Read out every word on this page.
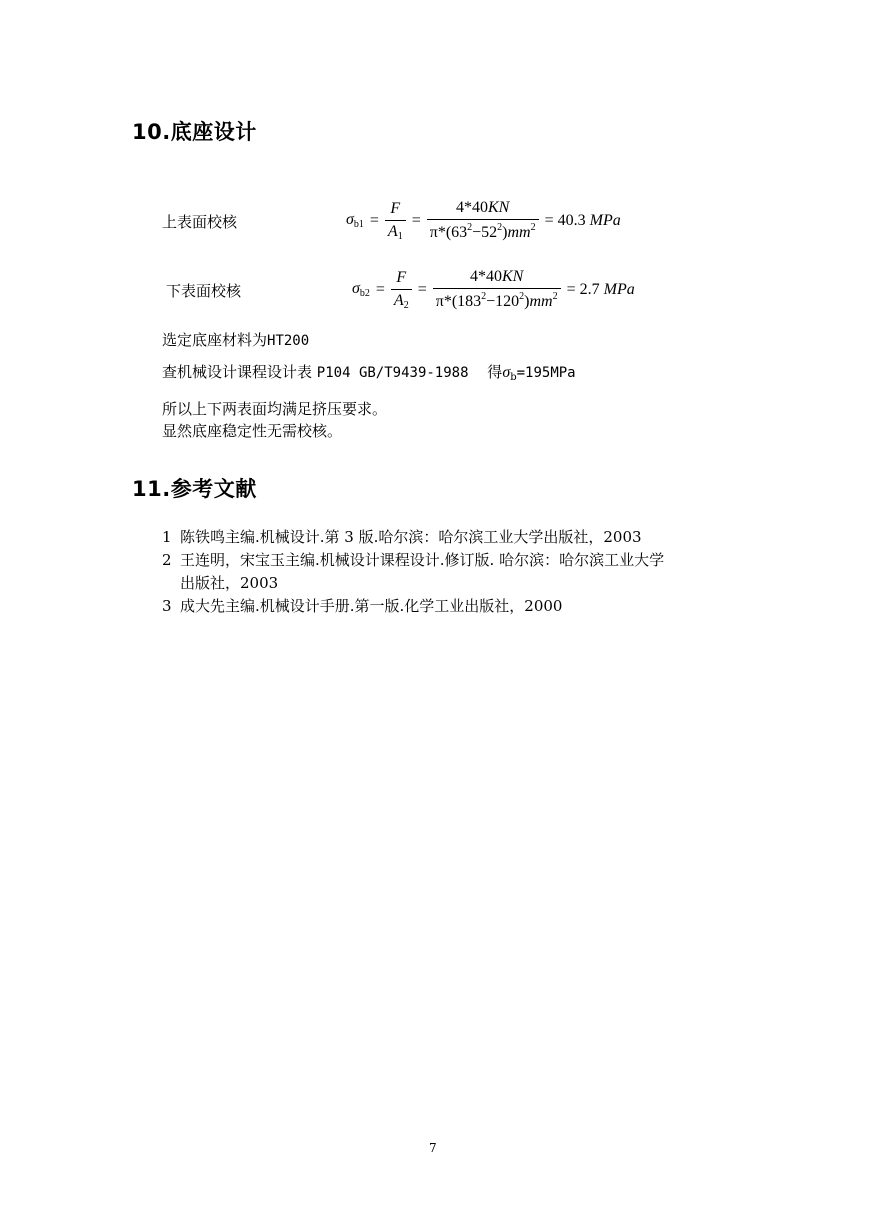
10.底座设计
上表面校核	$\sigma_{b1} = \frac{F}{A_1} = \frac{4*40KN}{\pi*(63^2-52^2)mm^2} = 40.3$ MPa
下表面校核	$\sigma_{b2} = \frac{F}{A_2} = \frac{4*40KN}{\pi*(183^2-120^2)mm^2} = 2.7$ MPa
选定底座材料为HT200
查机械设计课程设计表 P104 GB/T9439-1988 得$\sigma_b=195MPa$
所以上下两表面均满足挤压要求。
显然底座稳定性无需校核。
11.参考文献
1 陈铁鸣主编.机械设计.第 3 版.哈尔滨：哈尔滨工业大学出版社，2003
2 王连明，宋宝玉主编.机械设计课程设计.修订版. 哈尔滨：哈尔滨工业大学
出版社，2003
3 成大先主编.机械设计手册.第一版.化学工业出版社，2000
7
